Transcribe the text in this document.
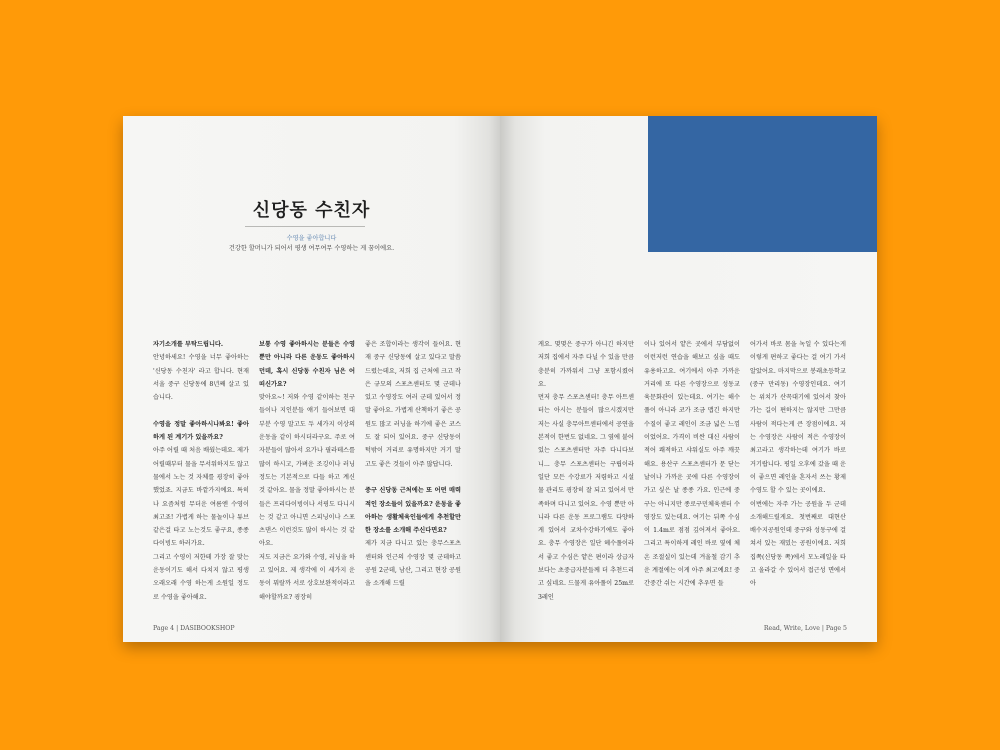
신당동 수친자
수영을 좋아합니다
건강한 할머니가 되어서 평생 여무여무 수영하는 게 꿈이에요.

자기소개를 부탁드립니다.

안녕하세요! 수영을 너무 좋아하는 '신당동 수친자' 라고 합니다. 현재 서울 중구 신당동에 8년째 살고 있습니다.

수영을 정말 좋아하시나봐요! 좋아하게 된 계기가 있을까요?

아주 어릴 때 처음 배웠는데요. 제가 어릴때부터 물을 무서워하지도 않고 물에서 노는 것 자체를 굉장히 좋아했었죠. 지금도 바깥가지예요. 특히나 요즘처럼 무더운 여름엔 수영이 최고죠! 가볍게 하는 물놀이나 튜브 같은걸 타고 노는것도 좋구요, 종종 다이빙도 하러가요.

그리고 수영이 저한테 가장 잘 맞는 운동이기도 해서 다치지 않고 평생 오래오래 수영 하는게 소원일 정도로 수영을 좋아해요.

보통 수영 좋아하시는 분들은 수영뿐만 아니라 다른 운동도 좋아하시던데, 혹시 신당동 수친자 님은 어떠신가요?

맞아요~! 저와 수영 같이하는 친구들이나 지인분들 얘기 들어보면 대부분 수영 말고도 두 세가지 이상의 운동을 같이 하시더라구요. 주로 여자분들이 많아서 요가나 필라테스를 많이 하시고, 가벼운 조깅이나 러닝정도는 기본적으로 다들 하고 계신 것 같아요. 물을 정말 좋아하시는 분들은 프리다이빙이나 서핑도 다니시는 것 같고 아니면 스피닝이나 스포츠댄스 이런것도 많이 하시는 것 같아요.

저도 지금은 요가와 수영, 러닝을 하고 있어요. 제 생각에 이 세가지 운동이 뭐랄까 서로 상호보완적이라고 해야할까요? 굉장히

좋은 조합이라는 생각이 들어요. 현재 중구 신당동에 살고 있다고 말씀드렸는데요, 저희 집 근처에 크고 작은 규모의 스포츠센터도 몇 군데나 있고 수영장도 여러 군데 있어서 정말 좋아요. 가볍게 산책하기 좋은 공원도 많고 러닝을 하기에 좋은 코스도 잘 되어 있어요. 중구 신당동이 턱밖이 거리로 유명하지만 거기 말고도 좋은 것들이 아주 많답니다.

중구 신당동 근처에는 또 어떤 매력적인 장소들이 있을까요? 운동을 좋아하는 생활체육인들에게 추천할만한 장소를 소개해 주신다면요?

제가 지금 다니고 있는 충무스포츠센터와 인근의 수영장 몇 군데하고 공원 2군데, 남산, 그리고 현장 공원을 소개해 드릴

Page 4 | DASIBOOKSHOP

게요. 몇몇은 중구가 아니긴 하지만 저희 집에서 자주 다닐 수 있을 만큼 충분히 가까워서 그냥 포함시켰어요.

먼저 충무 스포츠센터! 충무 아트센터는 아시는 분들이 많으시겠지만 저는 사실 충무아트센터에서 공연을 본적이 한번도 없네요. 그 옆에 붙어있는 스포츠센터만 자주 다니다보니... 충무 스포츠센터는 구립이라 일단 모든 수강료가 저렴하고 시설물 관리도 굉장히 잘 되고 있어서 만족하며 다니고 있어요. 수영 뿐만 아니라 다른 운동 프로그램도 다양하게 있어서 교차수강하기에도 좋아요. 충무 수영장은 일단 헤수풀이라서 좋고 수심은 얕은 편이라 상급자 보다는 초중급자분들께 더 추천드리고 싶네요. 드물게 유아풀이 25m로 3레인

이나 있어서 얕은 곳에서 부담없이 이런저런 연습을 해보고 싶을 때도 유용하고요. 여기에서 아주 가까운 거리에 또 다른 수영장으로 성동교육문화관이 있는데요. 여기는 해수풀이 아니라 코가 조금 맵긴 하지만 수질이 좋고 레인이 조금 넓은 느낌이었어요. 가격이 비싼 대신 사람이 적어 쾌적하고 샤워실도 아주 깨끗해요. 용산구 스포츠센터가 문 닫는 날이나 가까운 곳에 다른 수영장이 가고 싶은 날 종종 가요. 인근에 중구는 아니지만 종로구민체육센터 수영장도 있는데요. 여기는 뒤쪽 수심이 1.4m로 점점 깊어져서 좋아요. 그리고 특이하게 레인 바로 옆에 체온 조절실이 있는데 겨울철 감기 추운 계절에는 이게 아주 최고예요! 중간중간 쉬는 시간에 추우면 들

어가서 바로 몸을 녹일 수 있다는게 이렇게 편하고 좋다는 걸 여기 가서 알았어요. 마지막으로 봉래초등학교(중구 만리동) 수영장인데요. 여기는 위치가 산꼭대기에 있어서 찾아가는 길이 편하지는 않지만 그만큼 사람이 적다는게 큰 장점이에요. 저는 수영장은 사람이 적은 수영장이 최고라고 생각하는데 여기가 바로 거기랍니다. 평일 오후에 갔을 때 운이 좋으면 레인을 혼자서 쓰는 황제수영도 할 수 있는 곳이에요.

이번에는 자주 가는 공원을 두 군데 소개해드릴게요. 첫번째로 대현산 배수지공원인데 중구와 성동구에 걸쳐서 있는 재밌는 공원이에요. 저희 집쪽(신당동 쪽)에서 모노레일을 타고 올라갈 수 있어서 접근성 면에서 아

Read, Write, Love | Page 5
